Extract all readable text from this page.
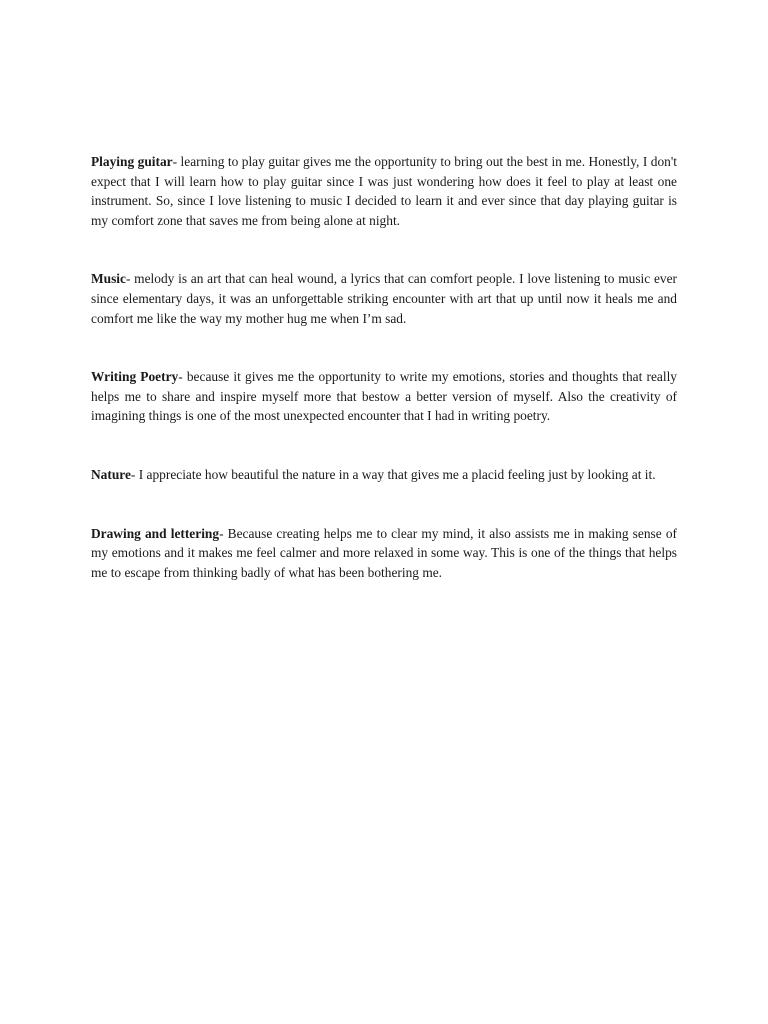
Playing guitar- learning to play guitar gives me the opportunity to bring out the best in me. Honestly, I don't expect that I will learn how to play guitar since I was just wondering how does it feel to play at least one instrument. So, since I love listening to music I decided to learn it and ever since that day playing guitar is my comfort zone that saves me from being alone at night.

Music- melody is an art that can heal wound, a lyrics that can comfort people. I love listening to music ever since elementary days, it was an unforgettable striking encounter with art that up until now it heals me and comfort me like the way my mother hug me when I’m sad.

Writing Poetry- because it gives me the opportunity to write my emotions, stories and thoughts that really helps me to share and inspire myself more that bestow a better version of myself. Also the creativity of imagining things is one of the most unexpected encounter that I had in writing poetry.

Nature- I appreciate how beautiful the nature in a way that gives me a placid feeling just by looking at it.

Drawing and lettering- Because creating helps me to clear my mind, it also assists me in making sense of my emotions and it makes me feel calmer and more relaxed in some way. This is one of the things that helps me to escape from thinking badly of what has been bothering me.
